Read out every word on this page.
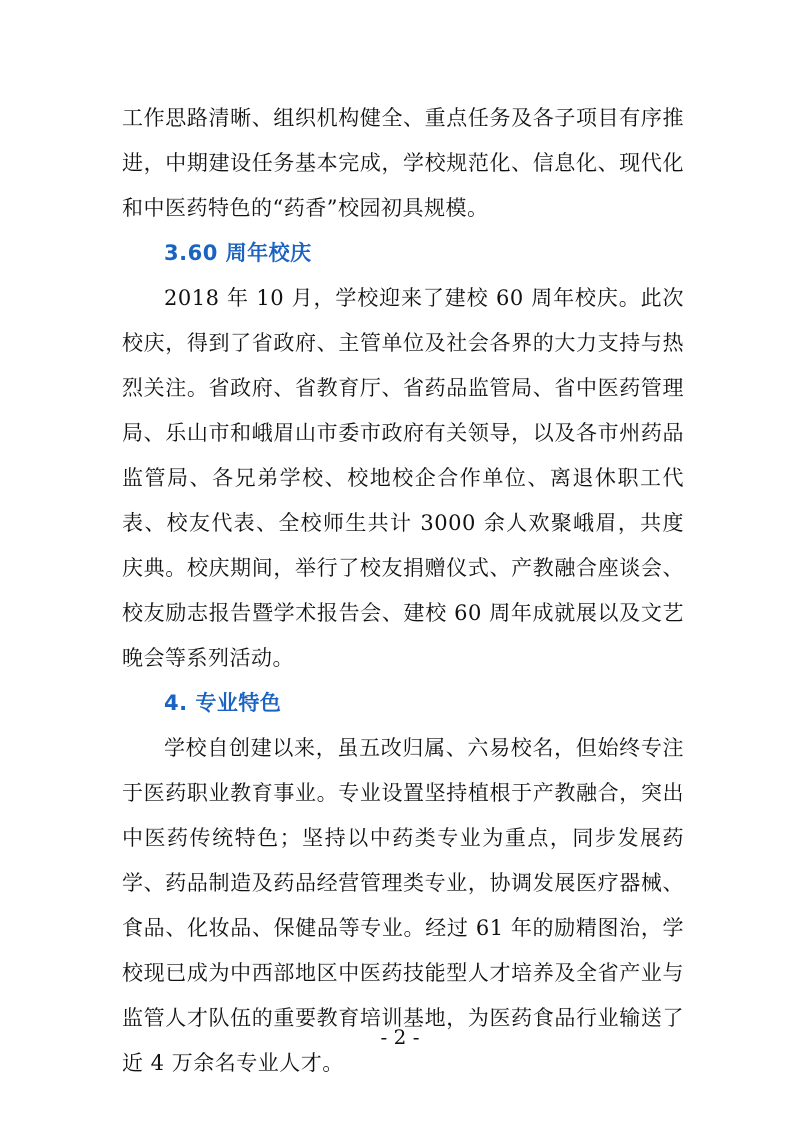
工作思路清晰、组织机构健全、重点任务及各子项目有序推进，中期建设任务基本完成，学校规范化、信息化、现代化和中医药特色的“药香”校园初具规模。

3.60 周年校庆

2018 年 10 月，学校迎来了建校 60 周年校庆。此次校庆，得到了省政府、主管单位及社会各界的大力支持与热烈关注。省政府、省教育厅、省药品监管局、省中医药管理局、乐山市和峨眉山市委市政府有关领导，以及各市州药品监管局、各兄弟学校、校地校企合作单位、离退休职工代表、校友代表、全校师生共计 3000 余人欢聚峨眉，共度庆典。校庆期间，举行了校友捐赠仪式、产教融合座谈会、校友励志报告暨学术报告会、建校 60 周年成就展以及文艺晚会等系列活动。

4. 专业特色

学校自创建以来，虽五改归属、六易校名，但始终专注于医药职业教育事业。专业设置坚持植根于产教融合，突出中医药传统特色；坚持以中药类专业为重点，同步发展药学、药品制造及药品经营管理类专业，协调发展医疗器械、食品、化妆品、保健品等专业。经过 61 年的励精图治，学校现已成为中西部地区中医药技能型人才培养及全省产业与监管人才队伍的重要教育培训基地，为医药食品行业输送了近 4 万余名专业人才。

- 2 -
